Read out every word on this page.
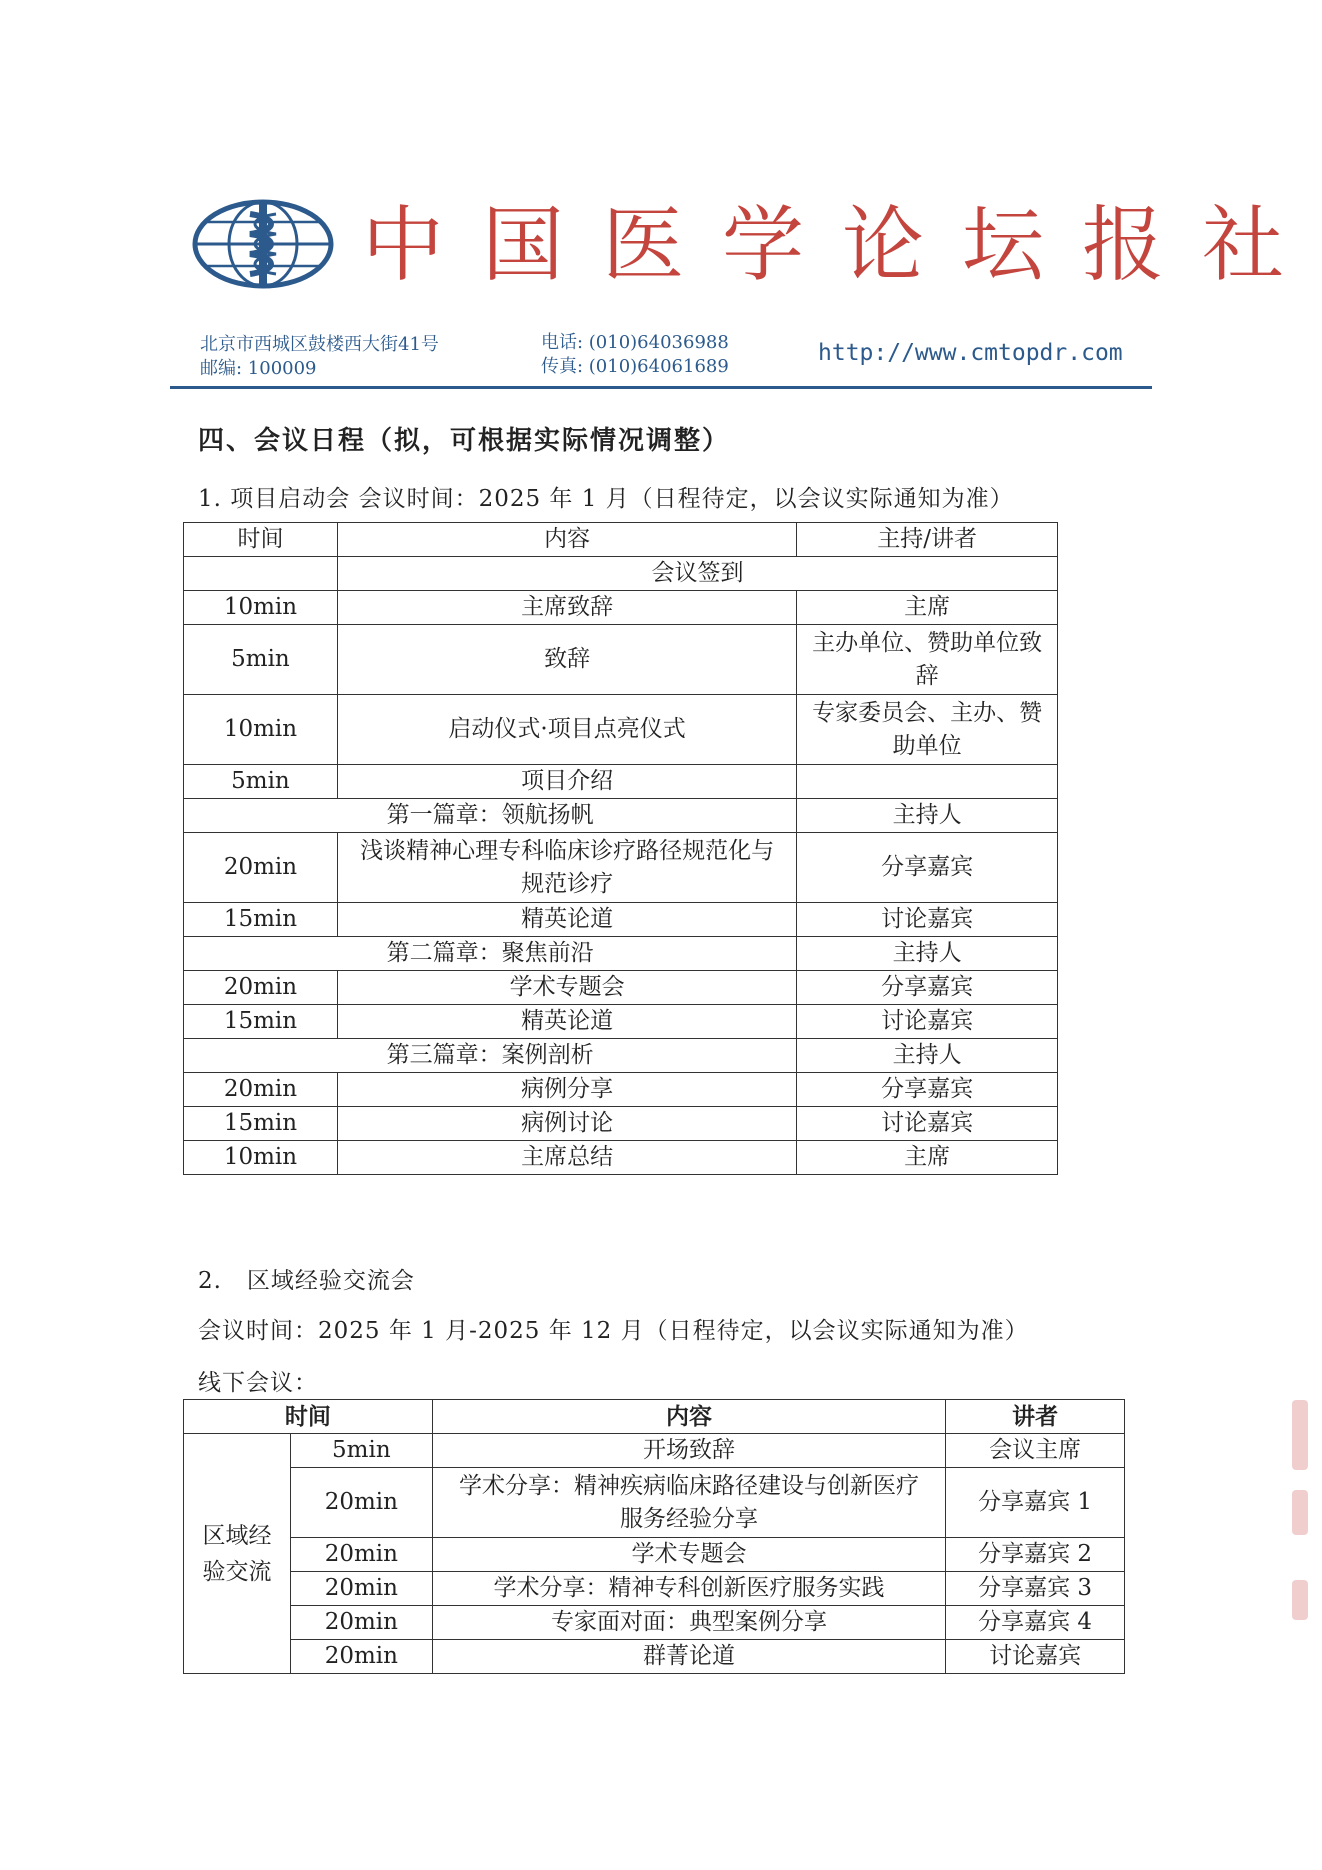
中国医学论坛报社
北京市西城区鼓楼西大街41号
邮编: 100009
电话: (010)64036988
传真: (010)64061689
http://www.cmtopdr.com
四、会议日程（拟，可根据实际情况调整）
1. 项目启动会 会议时间：2025 年 1 月（日程待定，以会议实际通知为准）
时间	内容	主持/讲者
	会议签到	
10min	主席致辞	主席
5min	致辞	主办单位、赞助单位致辞
10min	启动仪式·项目点亮仪式	专家委员会、主办、赞助单位
5min	项目介绍	
第一篇章：领航扬帆		主持人
20min	浅谈精神心理专科临床诊疗路径规范化与规范诊疗	分享嘉宾
15min	精英论道	讨论嘉宾
第二篇章：聚焦前沿		主持人
20min	学术专题会	分享嘉宾
15min	精英论道	讨论嘉宾
第三篇章：案例剖析		主持人
20min	病例分享	分享嘉宾
15min	病例讨论	讨论嘉宾
10min	主席总结	主席
2.   区域经验交流会
会议时间：2025 年 1 月-2025 年 12 月（日程待定，以会议实际通知为准）
线下会议：
时间		内容	讲者
区域经验交流	5min	开场致辞	会议主席
	20min	学术分享：精神疾病临床路径建设与创新医疗服务经验分享	分享嘉宾 1
	20min	学术专题会	分享嘉宾 2
	20min	学术分享：精神专科创新医疗服务实践	分享嘉宾 3
	20min	专家面对面：典型案例分享	分享嘉宾 4
	20min	群菁论道	讨论嘉宾
